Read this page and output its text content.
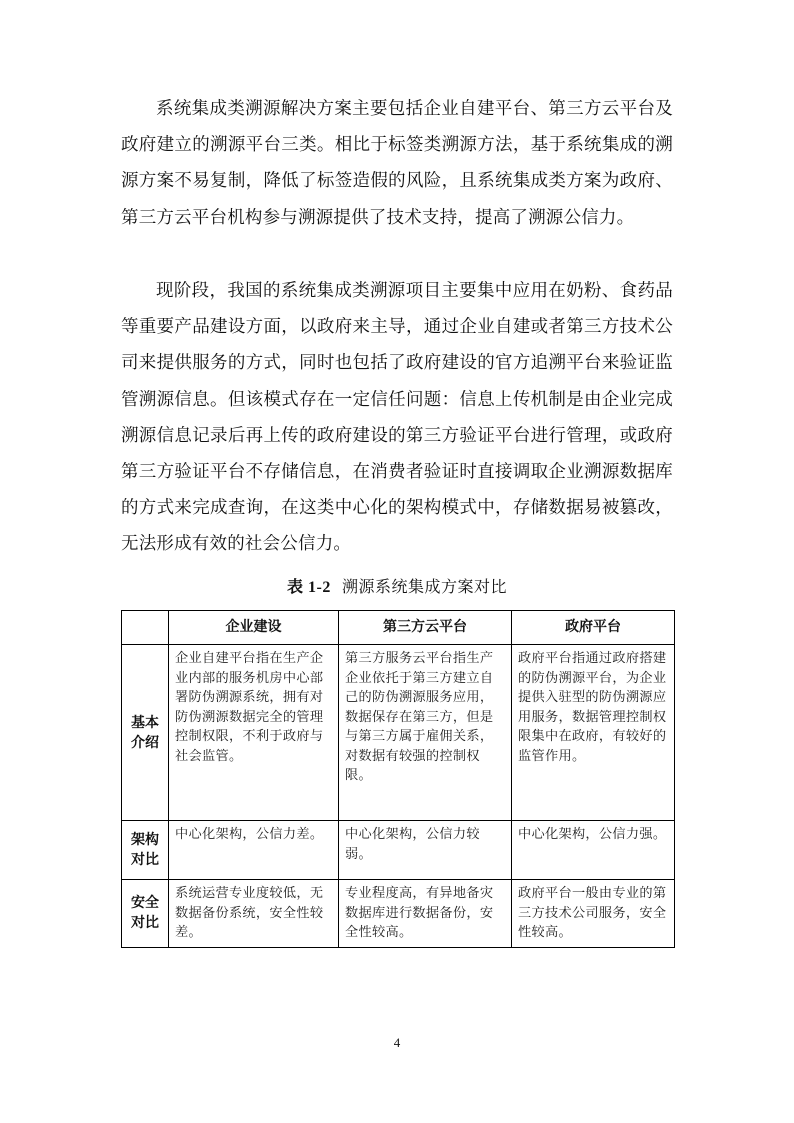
系统集成类溯源解决方案主要包括企业自建平台、第三方云平台及政府建立的溯源平台三类。相比于标签类溯源方法，基于系统集成的溯源方案不易复制，降低了标签造假的风险，且系统集成类方案为政府、第三方云平台机构参与溯源提供了技术支持，提高了溯源公信力。

现阶段，我国的系统集成类溯源项目主要集中应用在奶粉、食药品等重要产品建设方面，以政府来主导，通过企业自建或者第三方技术公司来提供服务的方式，同时也包括了政府建设的官方追溯平台来验证监管溯源信息。但该模式存在一定信任问题：信息上传机制是由企业完成溯源信息记录后再上传的政府建设的第三方验证平台进行管理，或政府第三方验证平台不存储信息，在消费者验证时直接调取企业溯源数据库的方式来完成查询，在这类中心化的架构模式中，存储数据易被篡改，无法形成有效的社会公信力。

表 1-2 溯源系统集成方案对比
	企业建设	第三方云平台	政府平台
基本
介绍	企业自建平台指在生产企业内部的服务机房中心部署防伪溯源系统，拥有对防伪溯源数据完全的管理控制权限，不利于政府与社会监管。	第三方服务云平台指生产企业依托于第三方建立自己的防伪溯源服务应用，数据保存在第三方，但是与第三方属于雇佣关系，对数据有较强的控制权限。	政府平台指通过政府搭建的防伪溯源平台，为企业提供入驻型的防伪溯源应用服务，数据管理控制权限集中在政府，有较好的监管作用。
架构
对比	中心化架构，公信力差。	中心化架构，公信力较弱。	中心化架构，公信力强。
安全
对比	系统运营专业度较低，无数据备份系统，安全性较差。	专业程度高，有异地备灾数据库进行数据备份，安全性较高。	政府平台一般由专业的第三方技术公司服务，安全性较高。
4
